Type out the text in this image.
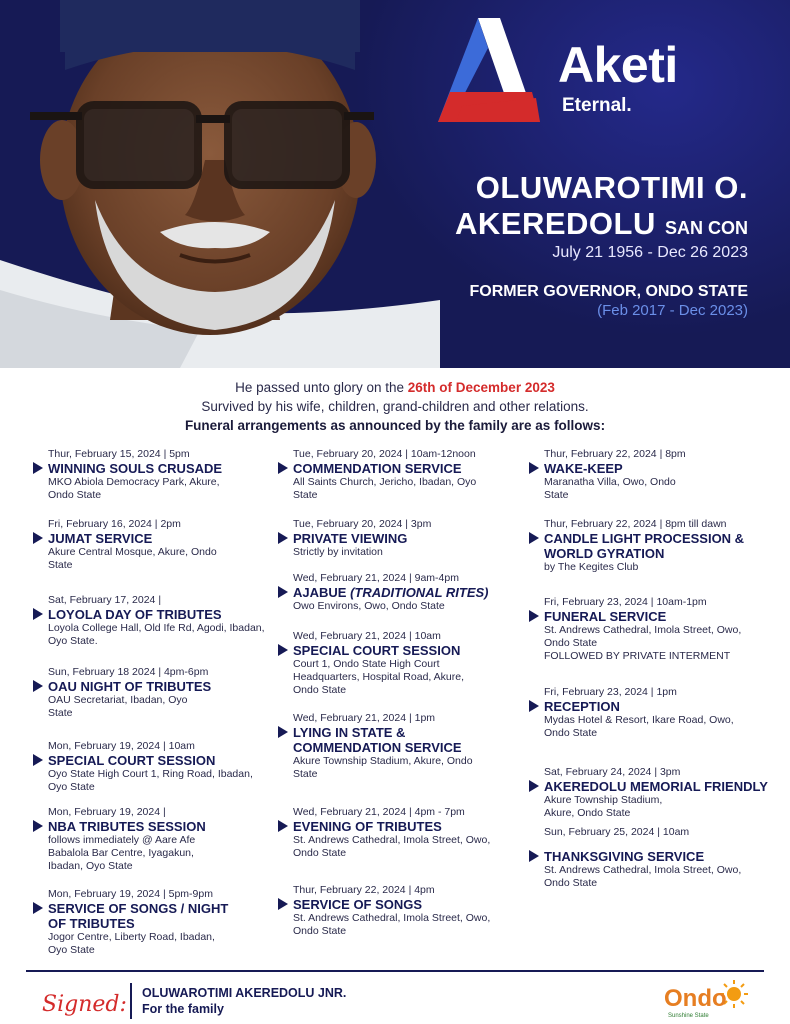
Aketi
Eternal.
OLUWAROTIMI O.
AKEREDOLU SAN CON
July 21 1956 - Dec 26 2023
FORMER GOVERNOR, ONDO STATE
(Feb 2017 - Dec 2023)
He passed unto glory on the 26th of December 2023
Survived by his wife, children, grand-children and other relations.
Funeral arrangements as announced by the family are as follows:
Thur, February 15, 2024 | 5pm
WINNING SOULS CRUSADE
MKO Abiola Democracy Park, Akure, Ondo State
Fri, February 16, 2024 | 2pm
JUMAT SERVICE
Akure Central Mosque, Akure, Ondo State
Sat, February 17, 2024 |
LOYOLA DAY OF TRIBUTES
Loyola College Hall, Old Ife Rd, Agodi, Ibadan, Oyo State.
Sun, February 18 2024 | 4pm-6pm
OAU NIGHT OF TRIBUTES
OAU Secretariat, Ibadan, Oyo State
Mon, February 19, 2024 | 10am
SPECIAL COURT SESSION
Oyo State High Court 1, Ring Road, Ibadan, Oyo State
Mon, February 19, 2024 |
NBA TRIBUTES SESSION
follows immediately @ Aare Afe Babalola Bar Centre, Iyagakun, Ibadan, Oyo State
Mon, February 19, 2024 | 5pm-9pm
SERVICE OF SONGS / NIGHT OF TRIBUTES
Jogor Centre, Liberty Road, Ibadan, Oyo State
Tue, February 20, 2024 | 10am-12noon
COMMENDATION SERVICE
All Saints Church, Jericho, Ibadan, Oyo State
Tue, February 20, 2024 | 3pm
PRIVATE VIEWING
Strictly by invitation
Wed, February 21, 2024 | 9am-4pm
AJABUE (TRADITIONAL RITES)
Owo Environs, Owo, Ondo State
Wed, February 21, 2024 | 10am
SPECIAL COURT SESSION
Court 1, Ondo State High Court Headquarters, Hospital Road, Akure, Ondo State
Wed, February 21, 2024 | 1pm
LYING IN STATE & COMMENDATION SERVICE
Akure Township Stadium, Akure, Ondo State
Wed, February 21, 2024 | 4pm - 7pm
EVENING OF TRIBUTES
St. Andrews Cathedral, Imola Street, Owo, Ondo State
Thur, February 22, 2024 | 4pm
SERVICE OF SONGS
St. Andrews Cathedral, Imola Street, Owo, Ondo State
Thur, February 22, 2024 | 8pm
WAKE-KEEP
Maranatha Villa, Owo, Ondo State
Thur, February 22, 2024 | 8pm till dawn
CANDLE LIGHT PROCESSION & WORLD GYRATION
by The Kegites Club
Fri, February 23, 2024 | 10am-1pm
FUNERAL SERVICE
St. Andrews Cathedral, Imola Street, Owo, Ondo State
FOLLOWED BY PRIVATE INTERMENT
Fri, February 23, 2024 | 1pm
RECEPTION
Mydas Hotel & Resort, Ikare Road, Owo, Ondo State
Sat, February 24, 2024 | 3pm
AKEREDOLU MEMORIAL FRIENDLY
Akure Township Stadium, Akure, Ondo State
Sun, February 25, 2024 | 10am
THANKSGIVING SERVICE
St. Andrews Cathedral, Imola Street, Owo, Ondo State
Signed: OLUWAROTIMI AKEREDOLU JNR.
For the family	Ondo
Sunshine State
